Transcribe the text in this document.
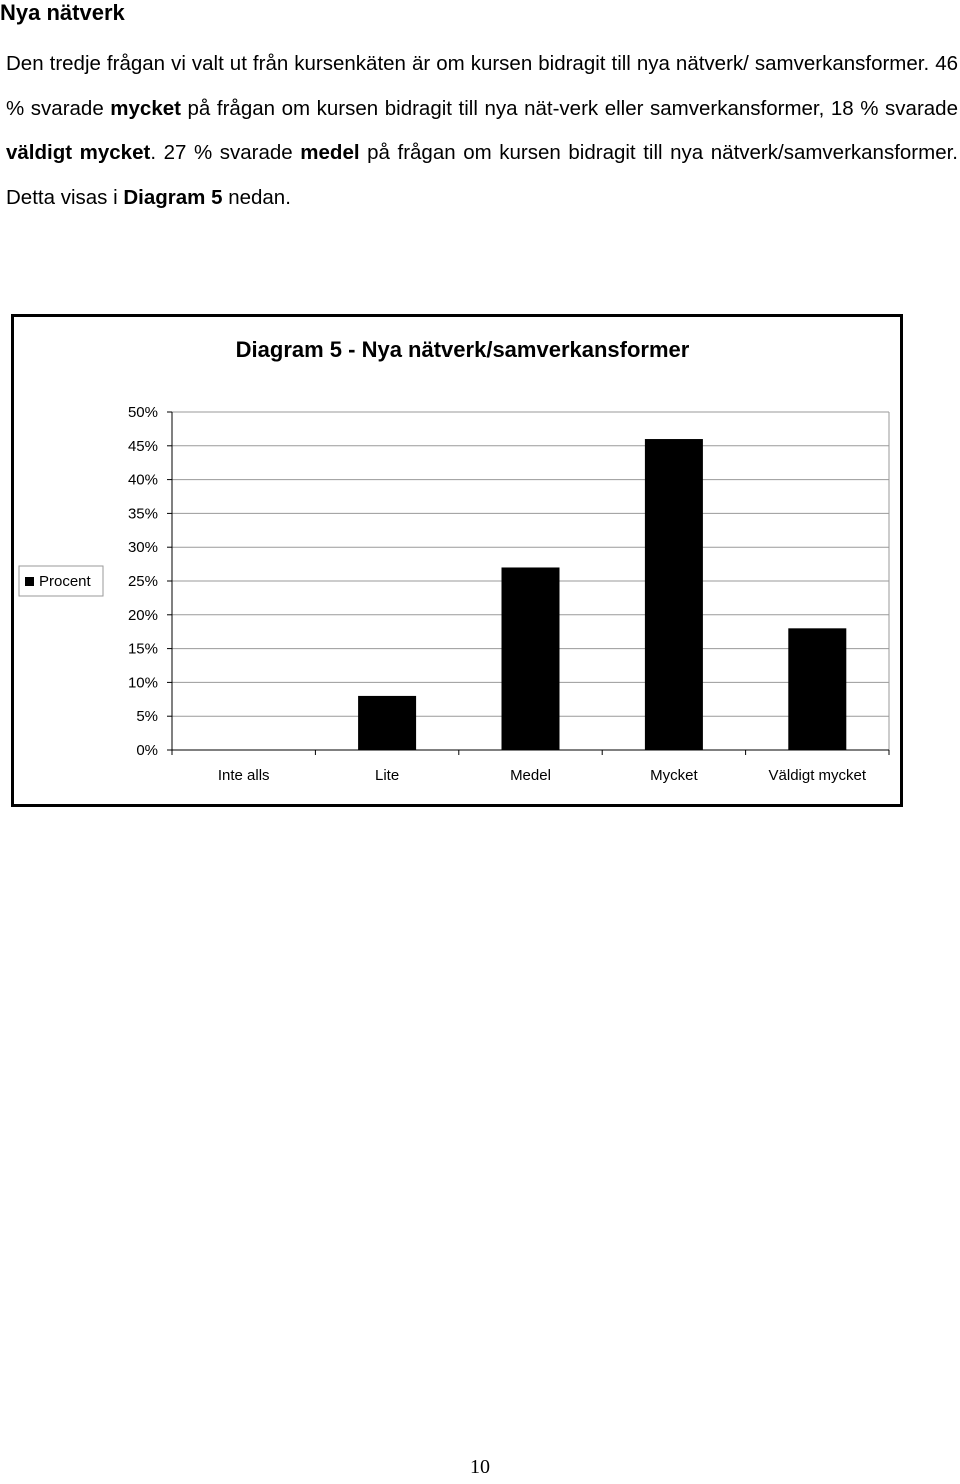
Nya nätverk

Den tredje frågan vi valt ut från kursenkäten är om kursen bidragit till nya nätverk/ samverkansformer. 46 % svarade mycket på frågan om kursen bidragit till nya nät-verk eller samverkansformer, 18 % svarade väldigt mycket. 27 % svarade medel på frågan om kursen bidragit till nya nätverk/samverkansformer. Detta visas i Diagram 5 nedan.

Diagram 5 - Nya nätverk/samverkansformer
0%
5%
10%
15%
20%
25%
30%
35%
40%
45%
50%
Inte alls	Lite	Medel	Mycket	Väldigt mycket
Procent
10
